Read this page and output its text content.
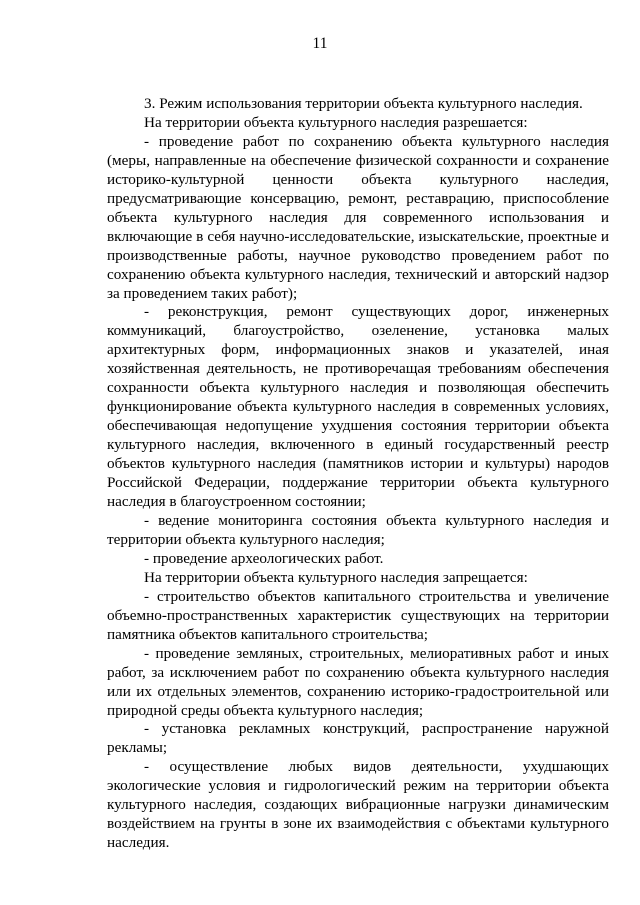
11

3. Режим использования территории объекта культурного наследия.

На территории объекта культурного наследия разрешается:

- проведение работ по сохранению объекта культурного наследия (меры, направленные на обеспечение физической сохранности и сохранение историко-культурной ценности объекта культурного наследия, предусматривающие консервацию, ремонт, реставрацию, приспособление объекта культурного наследия для современного использования и включающие в себя научно-исследовательские, изыскательские, проектные и производственные работы, научное руководство проведением работ по сохранению объекта культурного наследия, технический и авторский надзор за проведением таких работ);

- реконструкция, ремонт существующих дорог, инженерных коммуникаций, благоустройство, озеленение, установка малых архитектурных форм, информационных знаков и указателей, иная хозяйственная деятельность, не противоречащая требованиям обеспечения сохранности объекта культурного наследия и позволяющая обеспечить функционирование объекта культурного наследия в современных условиях, обеспечивающая недопущение ухудшения состояния территории объекта культурного наследия, включенного в единый государственный реестр объектов культурного наследия (памятников истории и культуры) народов Российской Федерации, поддержание территории объекта культурного наследия в благоустроенном состоянии;

- ведение мониторинга состояния объекта культурного наследия и территории объекта культурного наследия;

- проведение археологических работ.

На территории объекта культурного наследия запрещается:

- строительство объектов капитального строительства и увеличение объемно-пространственных характеристик существующих на территории памятника объектов капитального строительства;

- проведение земляных, строительных, мелиоративных работ и иных работ, за исключением работ по сохранению объекта культурного наследия или их отдельных элементов, сохранению историко-градостроительной или природной среды объекта культурного наследия;

- установка рекламных конструкций, распространение наружной рекламы;

- осуществление любых видов деятельности, ухудшающих экологические условия и гидрологический режим на территории объекта культурного наследия, создающих вибрационные нагрузки динамическим воздействием на грунты в зоне их взаимодействия с объектами культурного наследия.
